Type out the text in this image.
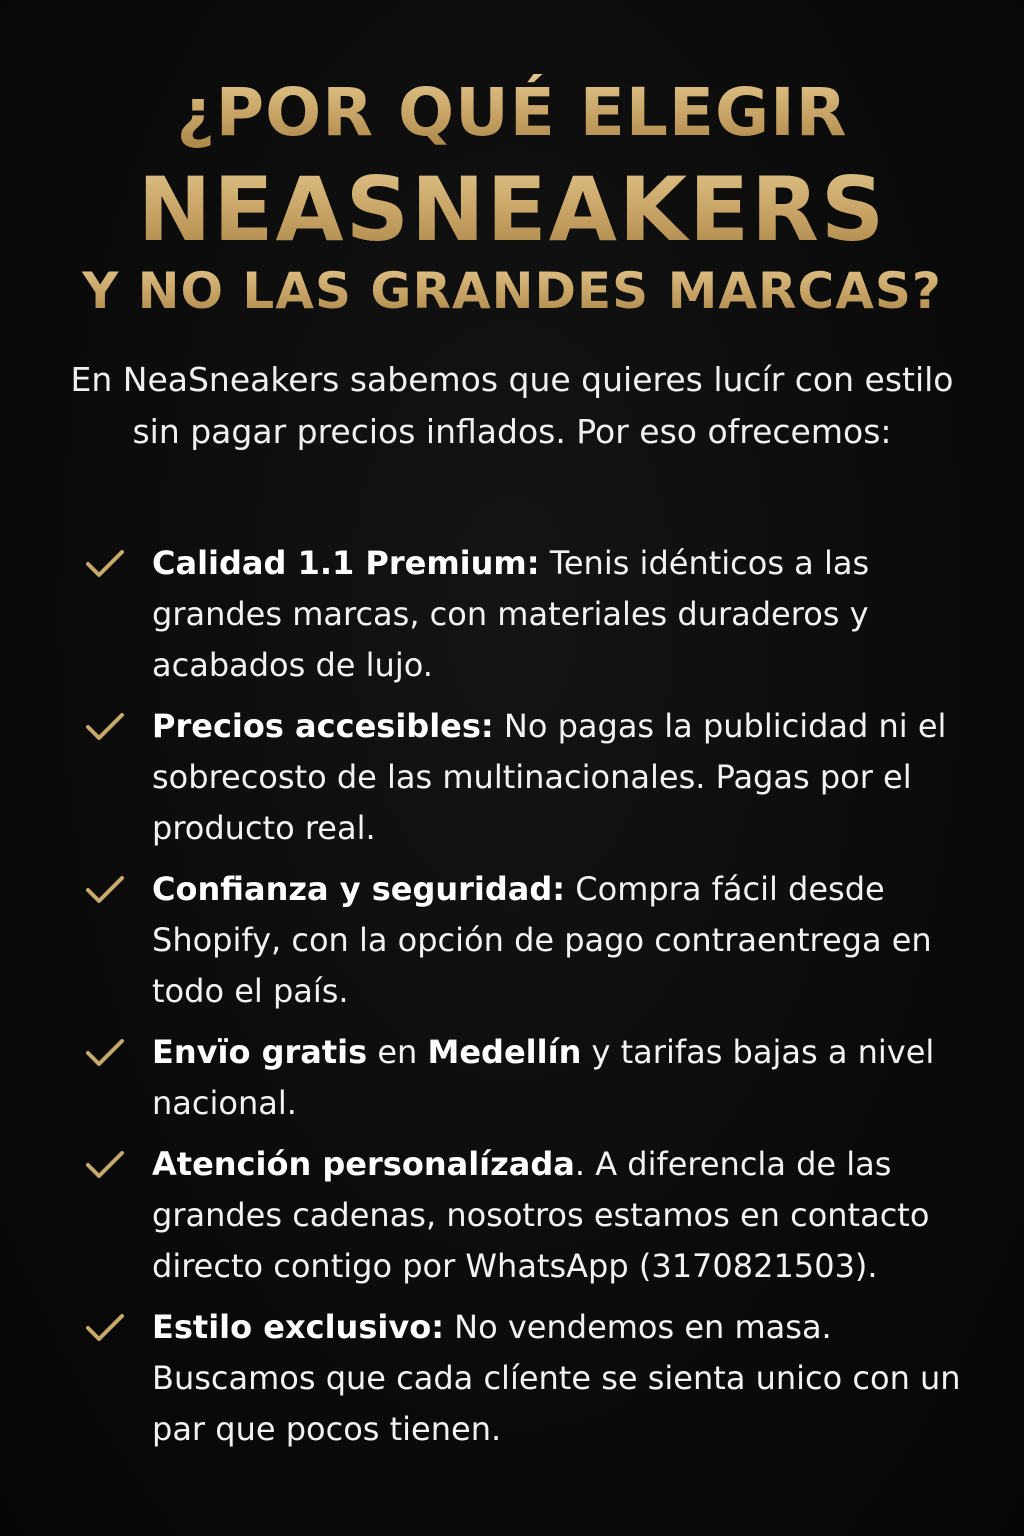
¿POR QUÉ ELEGIR
NEASNEAKERS
Y NO LAS GRANDES MARCAS?
En NeaSneakers sabemos que quieres lucír con estilo sin pagar precios inflados. Por eso ofrecemos:
Calidad 1.1 Premium: Tenis idénticos a las grandes marcas, con materiales duraderos y acabados de lujo.
Precios accesibles: No pagas la publicidad ni el sobrecosto de las multinacionales. Pagas por el producto real.
Confianza y seguridad: Compra fácil desde Shopify, con la opción de pago contraentrega en todo el país.
Envïo gratis en Medellín y tarifas bajas a nivel nacional.
Atención personalízada. A diferencla de las grandes cadenas, nosotros estamos en contacto directo contigo por WhatsApp (3170821503).
Estilo exclusivo: No vendemos en masa. Buscamos que cada clíente se sienta unico con un par que pocos tienen.
